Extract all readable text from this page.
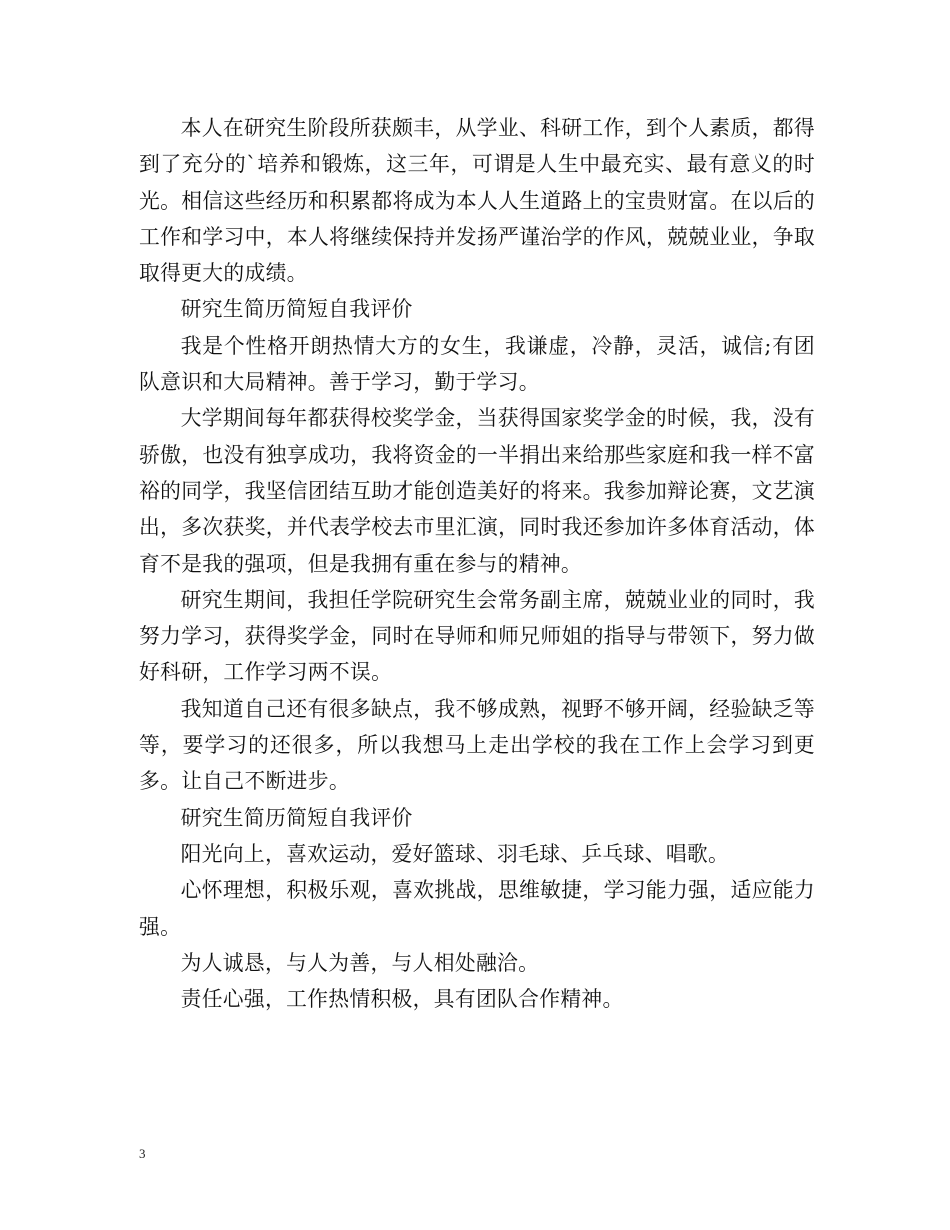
本人在研究生阶段所获颇丰，从学业、科研工作，到个人素质，都得到了充分的`培养和锻炼，这三年，可谓是人生中最充实、最有意义的时光。相信这些经历和积累都将成为本人人生道路上的宝贵财富。在以后的工作和学习中，本人将继续保持并发扬严谨治学的作风，兢兢业业，争取取得更大的成绩。

研究生简历简短自我评价

我是个性格开朗热情大方的女生，我谦虚，冷静，灵活，诚信;有团队意识和大局精神。善于学习，勤于学习。

大学期间每年都获得校奖学金，当获得国家奖学金的时候，我，没有骄傲，也没有独享成功，我将资金的一半捐出来给那些家庭和我一样不富裕的同学，我坚信团结互助才能创造美好的将来。我参加辩论赛，文艺演出，多次获奖，并代表学校去市里汇演，同时我还参加许多体育活动，体育不是我的强项，但是我拥有重在参与的精神。

研究生期间，我担任学院研究生会常务副主席，兢兢业业的同时，我努力学习，获得奖学金，同时在导师和师兄师姐的指导与带领下，努力做好科研，工作学习两不误。

我知道自己还有很多缺点，我不够成熟，视野不够开阔，经验缺乏等等，要学习的还很多，所以我想马上走出学校的我在工作上会学习到更多。让自己不断进步。

研究生简历简短自我评价

阳光向上，喜欢运动，爱好篮球、羽毛球、乒乓球、唱歌。

心怀理想，积极乐观，喜欢挑战，思维敏捷，学习能力强，适应能力强。

为人诚恳，与人为善，与人相处融洽。

责任心强，工作热情积极，具有团队合作精神。

3
